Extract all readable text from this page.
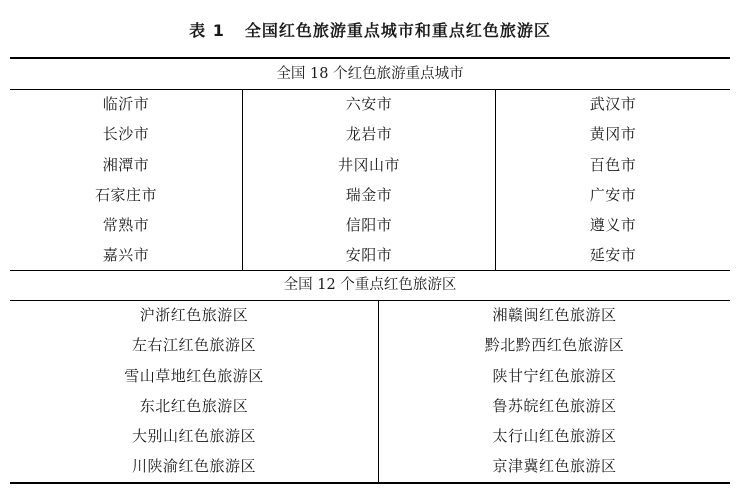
表 1 全国红色旅游重点城市和重点红色旅游区
全国 18 个红色旅游重点城市
临沂市
长沙市
湘潭市
石家庄市
常熟市
嘉兴市
六安市
龙岩市
井冈山市
瑞金市
信阳市
安阳市
武汉市
黄冈市
百色市
广安市
遵义市
延安市
全国 12 个重点红色旅游区
沪浙红色旅游区
左右江红色旅游区
雪山草地红色旅游区
东北红色旅游区
大别山红色旅游区
川陕渝红色旅游区
湘赣闽红色旅游区
黔北黔西红色旅游区
陕甘宁红色旅游区
鲁苏皖红色旅游区
太行山红色旅游区
京津冀红色旅游区
